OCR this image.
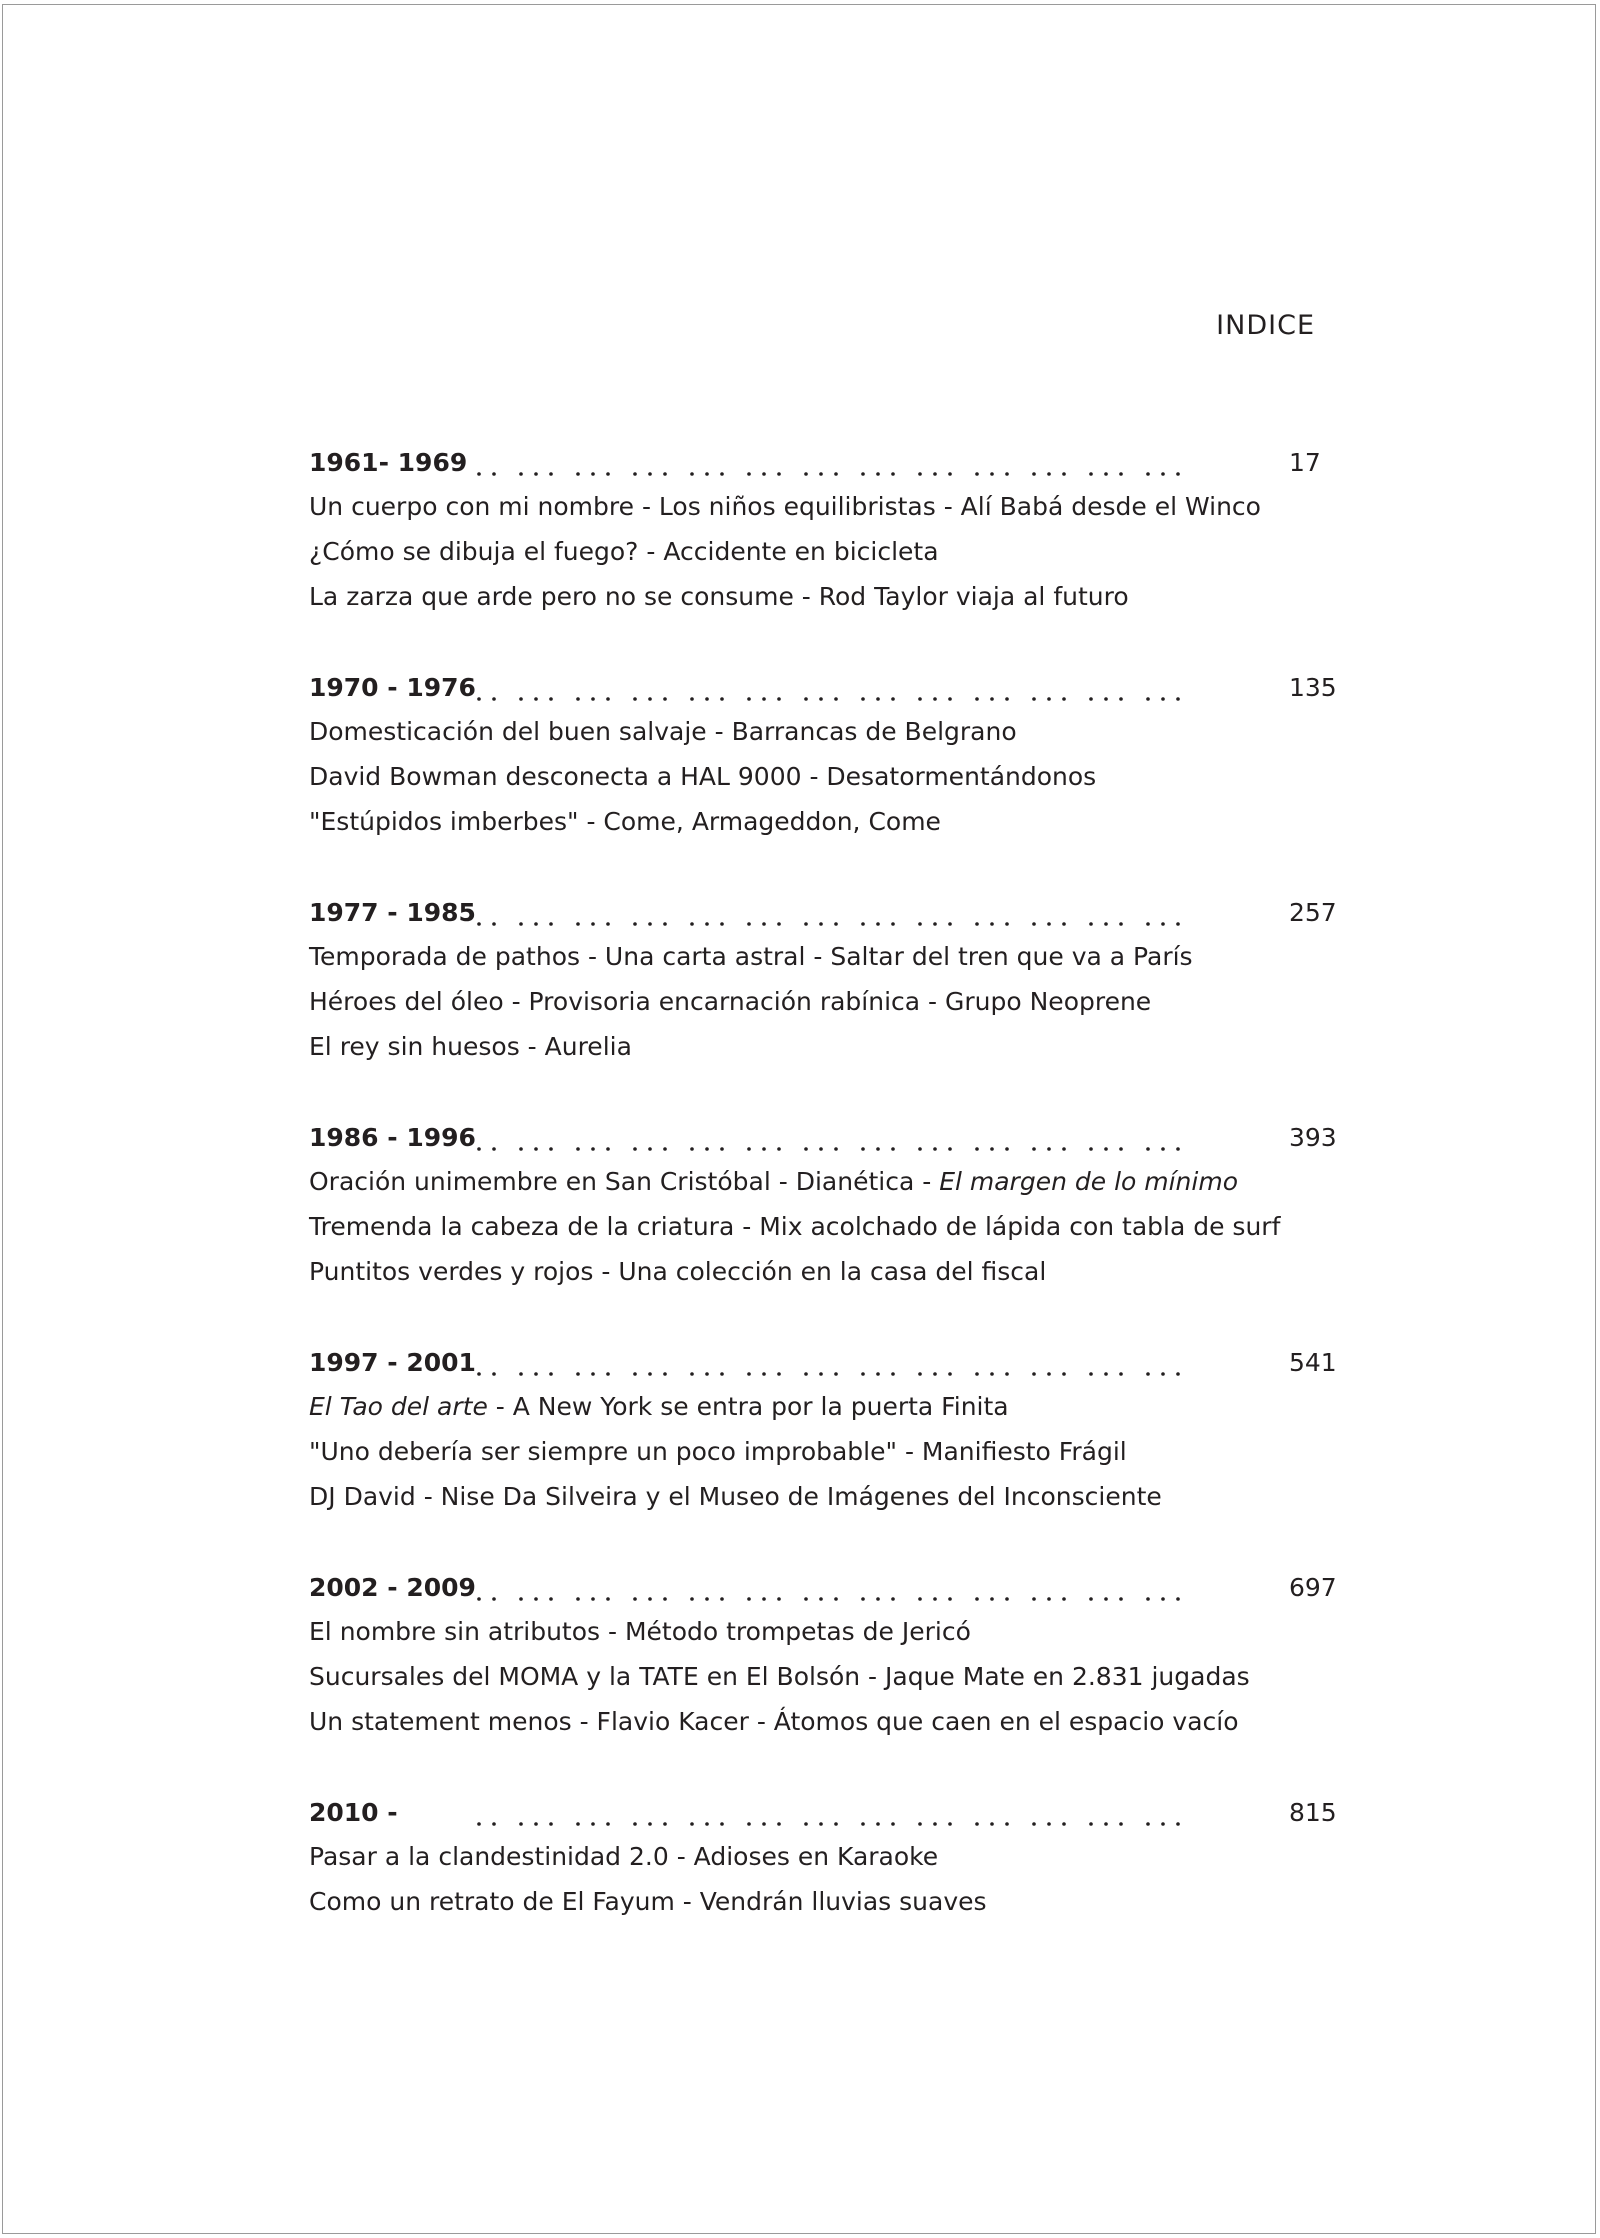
INDICE
1961- 1969	17
Un cuerpo con mi nombre - Los niños equilibristas - Alí Babá desde el Winco
¿Cómo se dibuja el fuego? - Accidente en bicicleta
La zarza que arde pero no se consume - Rod Taylor viaja al futuro
1970 - 1976	135
Domesticación del buen salvaje - Barrancas de Belgrano
David Bowman desconecta a HAL 9000 - Desatormentándonos
"Estúpidos imberbes" - Come, Armageddon, Come
1977 - 1985	257
Temporada de pathos - Una carta astral - Saltar del tren que va a París
Héroes del óleo - Provisoria encarnación rabínica - Grupo Neoprene
El rey sin huesos - Aurelia
1986 - 1996	393
Oración unimembre en San Cristóbal - Dianética - El margen de lo mínimo
Tremenda la cabeza de la criatura - Mix acolchado de lápida con tabla de surf
Puntitos verdes y rojos - Una colección en la casa del fiscal
1997 - 2001	541
El Tao del arte - A New York se entra por la puerta Finita
"Uno debería ser siempre un poco improbable" - Manifiesto Frágil
DJ David - Nise Da Silveira y el Museo de Imágenes del Inconsciente
2002 - 2009	697
El nombre sin atributos - Método trompetas de Jericó
Sucursales del MOMA y la TATE en El Bolsón - Jaque Mate en 2.831 jugadas
Un statement menos - Flavio Kacer - Átomos que caen en el espacio vacío
2010 -	815
Pasar a la clandestinidad 2.0 - Adioses en Karaoke
Como un retrato de El Fayum - Vendrán lluvias suaves
